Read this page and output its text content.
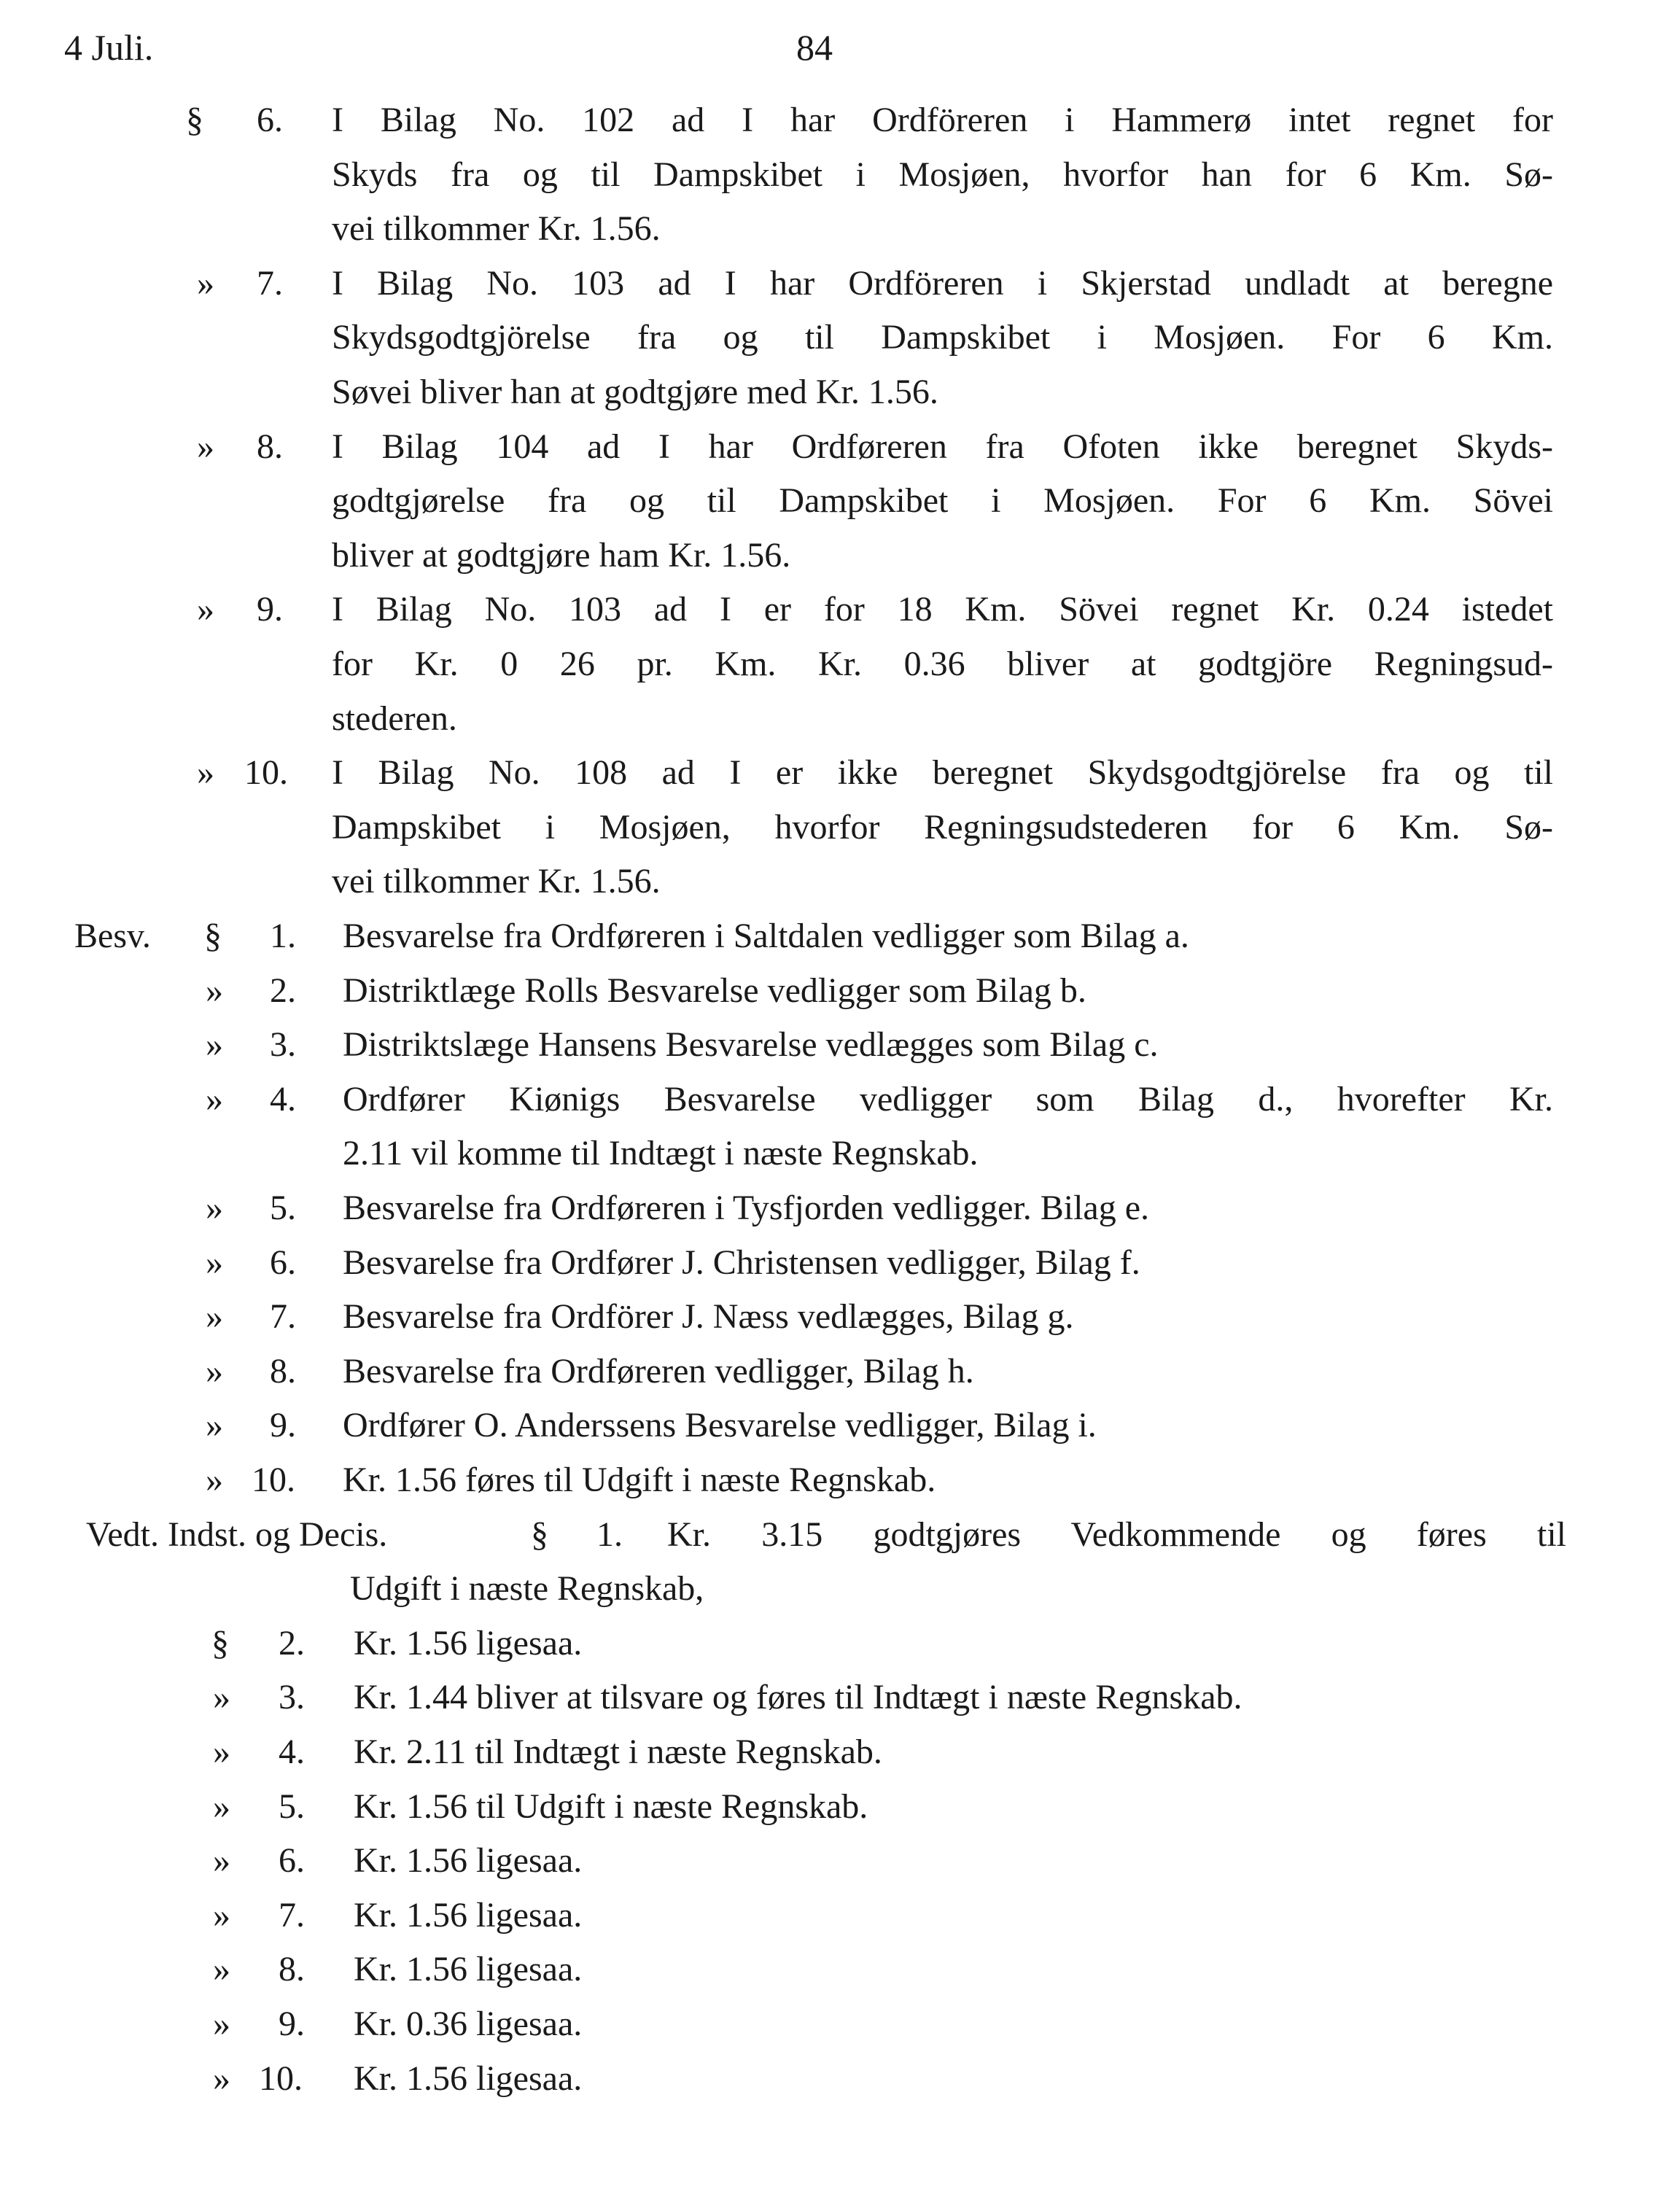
4 Juli.	84
§ 6. I Bilag No. 102 ad I har Ordföreren i Hammerø intet regnet for
Skyds fra og til Dampskibet i Mosjøen, hvorfor han for 6 Km. Sø-
vei tilkommer Kr. 1.56.
» 7. I Bilag No. 103 ad I har Ordföreren i Skjerstad undladt at beregne
Skydsgodtgjörelse fra og til Dampskibet i Mosjøen. For 6 Km.
Søvei bliver han at godtgjøre med Kr. 1.56.
» 8. I Bilag 104 ad I har Ordføreren fra Ofoten ikke beregnet Skyds-
godtgjørelse fra og til Dampskibet i Mosjøen. For 6 Km. Sövei
bliver at godtgjøre ham Kr. 1.56.
» 9. I Bilag No. 103 ad I er for 18 Km. Sövei regnet Kr. 0.24 istedet
for Kr. 0 26 pr. Km. Kr. 0.36 bliver at godtgjöre Regningsud-
stederen.
» 10. I Bilag No. 108 ad I er ikke beregnet Skydsgodtgjörelse fra og til
Dampskibet i Mosjøen, hvorfor Regningsudstederen for 6 Km. Sø-
vei tilkommer Kr. 1.56.
Besv. § 1. Besvarelse fra Ordføreren i Saltdalen vedligger som Bilag a.
» 2. Distriktlæge Rolls Besvarelse vedligger som Bilag b.
» 3. Distriktslæge Hansens Besvarelse vedlægges som Bilag c.
» 4. Ordfører Kiønigs Besvarelse vedligger som Bilag d., hvorefter Kr.
2.11 vil komme til Indtægt i næste Regnskab.
» 5. Besvarelse fra Ordføreren i Tysfjorden vedligger. Bilag e.
» 6. Besvarelse fra Ordfører J. Christensen vedligger, Bilag f.
» 7. Besvarelse fra Ordförer J. Næss vedlægges, Bilag g.
» 8. Besvarelse fra Ordføreren vedligger, Bilag h.
» 9. Ordfører O. Anderssens Besvarelse vedligger, Bilag i.
» 10. Kr. 1.56 føres til Udgift i næste Regnskab.
Vedt. Indst. og Decis.	§ 1. Kr. 3.15 godtgjøres Vedkommende og føres til
Udgift i næste Regnskab,
§ 2. Kr. 1.56 ligesaa.
» 3. Kr. 1.44 bliver at tilsvare og føres til Indtægt i næste Regnskab.
» 4. Kr. 2.11 til Indtægt i næste Regnskab.
» 5. Kr. 1.56 til Udgift i næste Regnskab.
» 6. Kr. 1.56 ligesaa.
» 7. Kr. 1.56 ligesaa.
» 8. Kr. 1.56 ligesaa.
» 9. Kr. 0.36 ligesaa.
» 10. Kr. 1.56 ligesaa.
